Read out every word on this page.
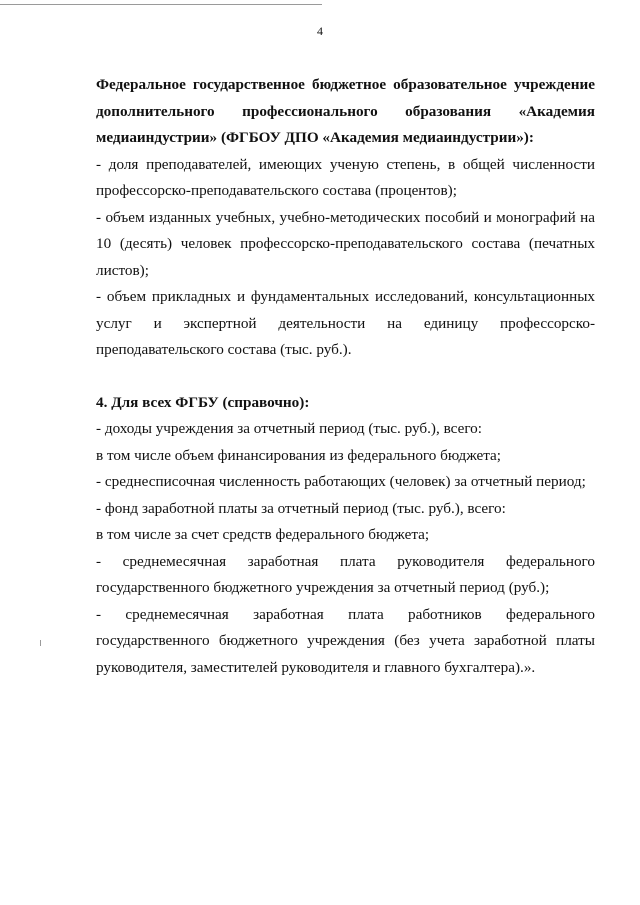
4

Федеральное государственное бюджетное образовательное учреждение дополнительного профессионального образования «Академия медиаиндустрии» (ФГБОУ ДПО «Академия медиаиндустрии»):

- доля преподавателей, имеющих ученую степень, в общей численности профессорско-преподавательского состава (процентов);

- объем изданных учебных, учебно-методических пособий и монографий на 10 (десять) человек профессорско-преподавательского состава (печатных листов);

- объем прикладных и фундаментальных исследований, консультационных услуг и экспертной деятельности на единицу профессорско-преподавательского состава (тыс. руб.).

4. Для всех ФГБУ (справочно):

- доходы учреждения за отчетный период (тыс. руб.), всего:

в том числе объем финансирования из федерального бюджета;

- среднесписочная численность работающих (человек) за отчетный период;

- фонд заработной платы за отчетный период (тыс. руб.), всего:

в том числе за счет средств федерального бюджета;

- среднемесячная заработная плата руководителя федерального государственного бюджетного учреждения за отчетный период (руб.);

- среднемесячная заработная плата работников федерального государственного бюджетного учреждения (без учета заработной платы руководителя, заместителей руководителя и главного бухгалтера).».
